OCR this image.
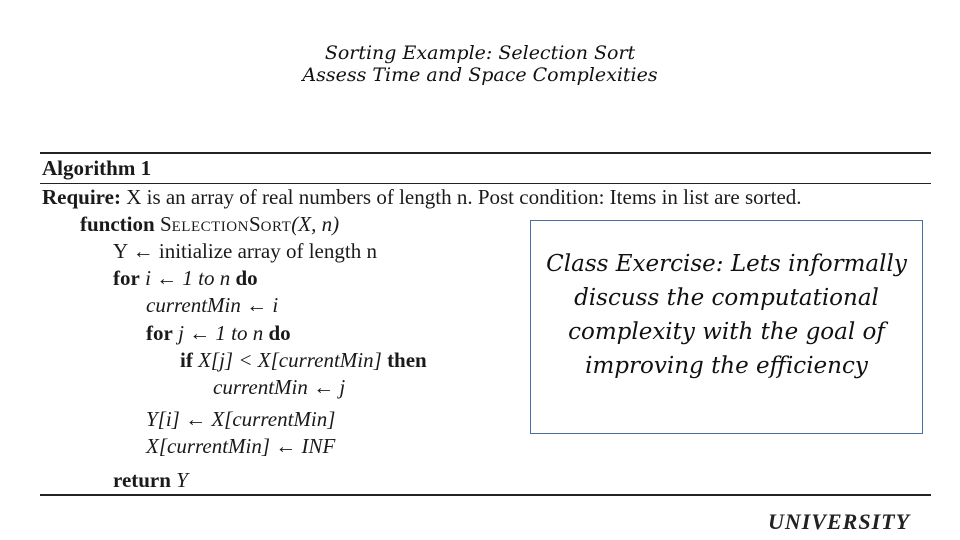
Sorting Example: Selection Sort
Assess Time and Space Complexities
Algorithm 1
Require: X is an array of real numbers of length n. Post condition: Items in list are sorted.
function SELECTIONSORT(X, n)
Y ← initialize array of length n
for i ← 1 to n do
currentMin ← i
for j ← 1 to n do
if X[j] < X[currentMin] then
currentMin ← j
Y[i] ← X[currentMin]
X[currentMin] ← INF
return Y
Class Exercise: Lets informally discuss the computational complexity with the goal of improving the efficiency
UNIVERSITY
